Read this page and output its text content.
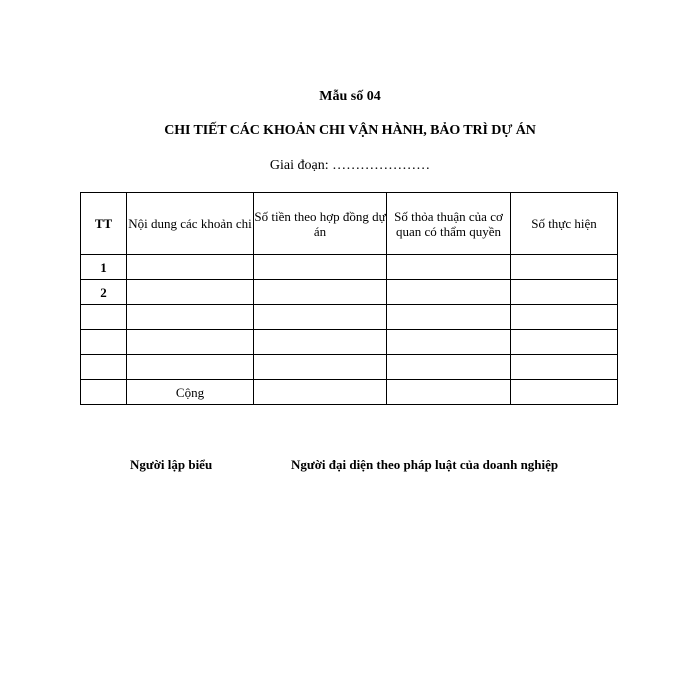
Mẫu số 04
CHI TIẾT CÁC KHOẢN CHI VẬN HÀNH, BẢO TRÌ DỰ ÁN
Giai đoạn: …………………
TT	Nội dung các khoản chi	Số tiền theo hợp đồng dự án	Số thỏa thuận của cơ quan có thẩm quyền	Số thực hiện
1				
2				

	Cộng			
Người lập biểu	Người đại diện theo pháp luật của doanh nghiệp
